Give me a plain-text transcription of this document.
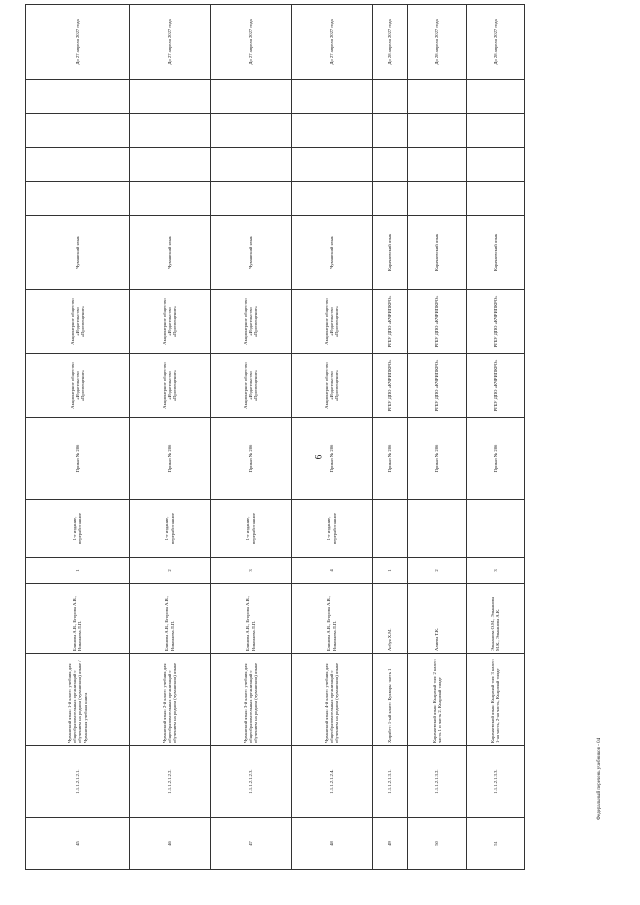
6
Федеральный перечень учебников - 04
45	1.1.1.2.1.2.1.	Чувашский язык: 1-й класс: учебник для общеобразовательных организаций с обучением на родном (чувашском) языке / Чувашская учебная книга	Блинова А.В., Егорова А.В., Николаева Л.П.	1	1-е издание, переработанное	Приказ № 286	Акционерное общество «Издательство «Просвещение»	Акционерное общество «Издательство «Просвещение»	Чувашский язык					До 27 апреля 2027 года
46	1.1.1.2.1.2.2.	Чувашский язык: 2-й класс: учебник для общеобразовательных организаций с обучением на родном (чувашском) языке	Блинова А.В., Егорова А.В., Николаева Л.П.	2	1-е издание, переработанное	Приказ № 286	Акционерное общество «Издательство «Просвещение»	Акционерное общество «Издательство «Просвещение»	Чувашский язык					До 27 апреля 2027 года
47	1.1.1.2.1.2.3.	Чувашский язык: 3-й класс: учебник для общеобразовательных организаций с обучением на родном (чувашском) языке	Блинова А.В., Егорова А.В., Николаева Л.П.	3	1-е издание, переработанное	Приказ № 286	Акционерное общество «Издательство «Просвещение»	Акционерное общество «Издательство «Просвещение»	Чувашский язык					До 27 апреля 2027 года
48	1.1.1.2.1.2.4.	Чувашский язык: 4-й класс: учебник для общеобразовательных организаций с обучением на родном (чувашском) языке	Блинова А.В., Егорова А.В., Николаева Л.П.	4	1-е издание, переработанное	Приказ № 286	Акционерное общество «Издательство «Просвещение»	Акционерное общество «Издательство «Просвещение»	Чувашский язык					До 27 апреля 2027 года
49	1.1.1.2.1.3.1.	Хирябет: 1-ый класс: Букварь: часть 1	Агбуя Х.М.	1		Приказ № 286	РГБУ ДПО «КЧРИПКРО»	РГБУ ДПО «КЧРИПКРО»	Карачаевский язык					До 28 апреля 2027 года
50	1.1.1.2.1.3.2.	Карачаевский язык: Къарачай тил: 2 класс: часть 1 и часть 2. Къарачай тилде	Алиева Т.К.	2		Приказ № 286	РГБУ ДПО «КЧРИПКРО»	РГБУ ДПО «КЧРИПКРО»	Карачаевский язык					До 28 апреля 2027 года
51	1.1.1.2.1.3.3.	Карачаевский язык: Къарачай тил: 3 класс: 1-ая часть, 2-ая часть, Къарачай тилде	Эльканова О.М., Эльканова М.К., Эльканова А.К.	3		Приказ № 286	РГБУ ДПО «КЧРИПКРО»	РГБУ ДПО «КЧРИПКРО»	Карачаевский язык					До 28 апреля 2027 года
